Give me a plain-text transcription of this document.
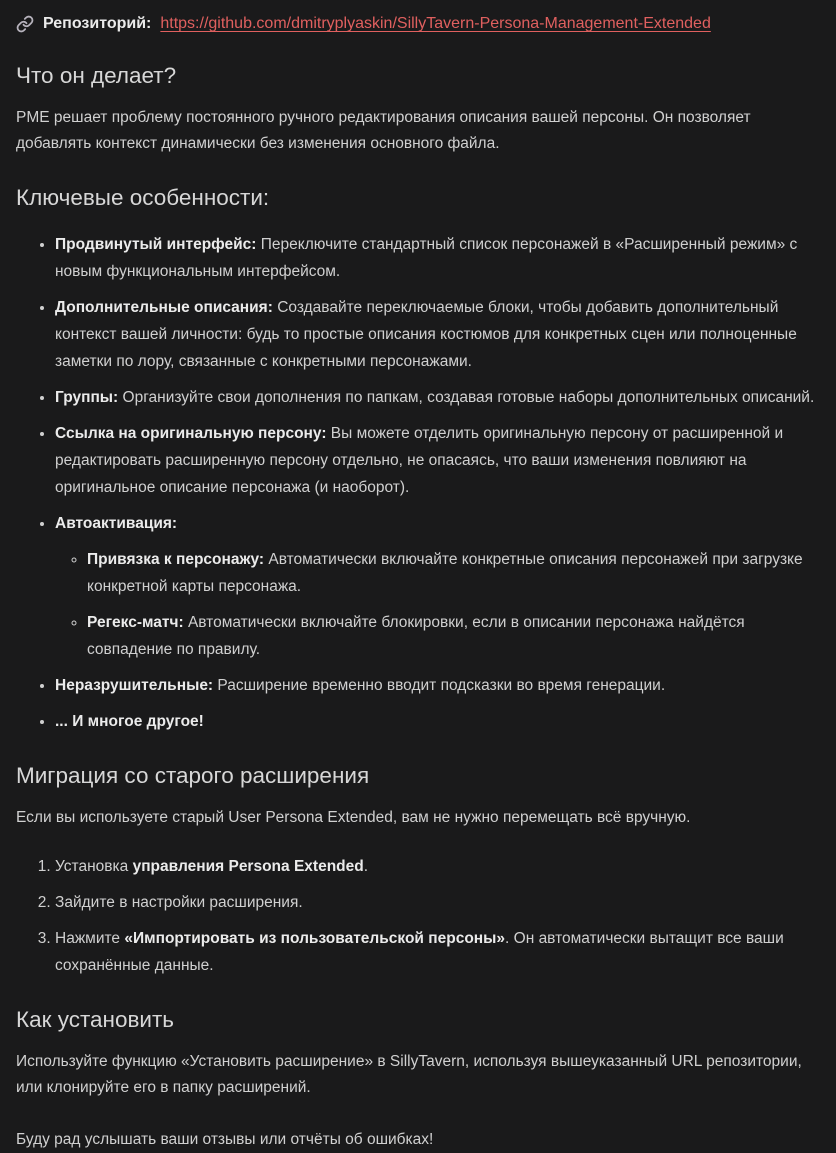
Репозиторий: https://github.com/dmitryplyaskin/SillyTavern-Persona-Management-Extended
Что он делает?

PME решает проблему постоянного ручного редактирования описания вашей персоны. Он позволяет добавлять контекст динамически без изменения основного файла.

Ключевые особенности:
• Продвинутый интерфейс: Переключите стандартный список персонажей в «Расширенный режим» с новым функциональным интерфейсом.
• Дополнительные описания: Создавайте переключаемые блоки, чтобы добавить дополнительный контекст вашей личности: будь то простые описания костюмов для конкретных сцен или полноценные заметки по лору, связанные с конкретными персонажами.
• Группы: Организуйте свои дополнения по папкам, создавая готовые наборы дополнительных описаний.
• Ссылка на оригинальную персону: Вы можете отделить оригинальную персону от расширенной и редактировать расширенную персону отдельно, не опасаясь, что ваши изменения повлияют на оригинальное описание персонажа (и наоборот).
• Автоактивация:
◦ Привязка к персонажу: Автоматически включайте конкретные описания персонажей при загрузке конкретной карты персонажа.
◦ Регекс-матч: Автоматически включайте блокировки, если в описании персонажа найдётся совпадение по правилу.
• Неразрушительные: Расширение временно вводит подсказки во время генерации.
• ... И многое другое!
Миграция со старого расширения

Если вы используете старый User Persona Extended, вам не нужно перемещать всё вручную.

1. Установка управления Persona Extended.
2. Зайдите в настройки расширения.
3. Нажмите «Импортировать из пользовательской персоны». Он автоматически вытащит все ваши сохранённые данные.
Как установить

Используйте функцию «Установить расширение» в SillyTavern, используя вышеуказанный URL репозитории, или клонируйте его в папку расширений.

Буду рад услышать ваши отзывы или отчёты об ошибках!
